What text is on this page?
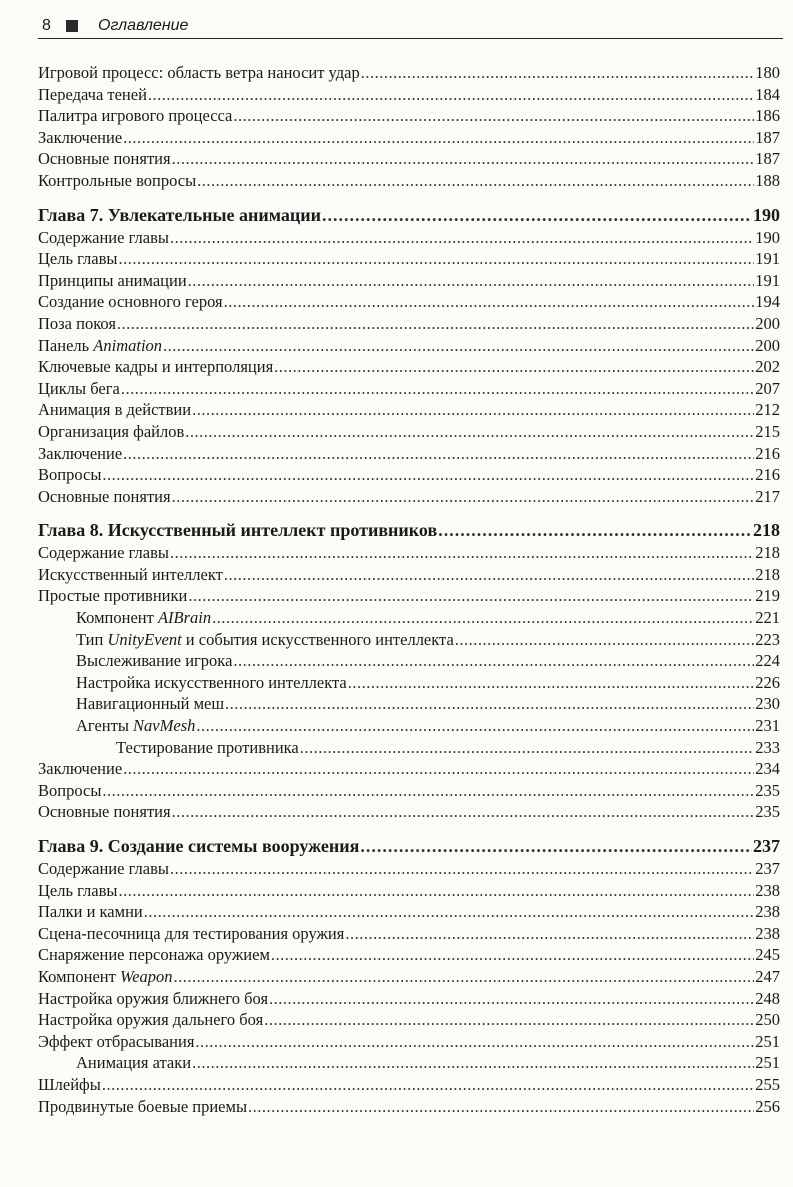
8	Оглавление
Игровой процесс: область ветра наносит удар .....	180
Передача теней .....	184
Палитра игрового процесса .....	186
Заключение .....	187
Основные понятия .....	187
Контрольные вопросы .....	188
Глава 7. Увлекательные анимации .....	190
Содержание главы .....	190
Цель главы .....	191
Принципы анимации .....	191
Создание основного героя .....	194
Поза покоя .....	200
Панель Animation .....	200
Ключевые кадры и интерполяция .....	202
Циклы бега .....	207
Анимация в действии .....	212
Организация файлов .....	215
Заключение .....	216
Вопросы .....	216
Основные понятия .....	217
Глава 8. Искусственный интеллект противников .....	218
Содержание главы .....	218
Искусственный интеллект .....	218
Простые противники .....	219
Компонент AIBrain .....	221
Тип UnityEvent и события искусственного интеллекта .....	223
Выслеживание игрока .....	224
Настройка искусственного интеллекта .....	226
Навигационный меш .....	230
Агенты NavMesh .....	231
Тестирование противника .....	233
Заключение .....	234
Вопросы .....	235
Основные понятия .....	235
Глава 9. Создание системы вооружения .....	237
Содержание главы .....	237
Цель главы .....	238
Палки и камни .....	238
Сцена-песочница для тестирования оружия .....	238
Снаряжение персонажа оружием .....	245
Компонент Weapon .....	247
Настройка оружия ближнего боя .....	248
Настройка оружия дальнего боя .....	250
Эффект отбрасывания .....	251
Анимация атаки .....	251
Шлейфы .....	255
Продвинутые боевые приемы .....	256
